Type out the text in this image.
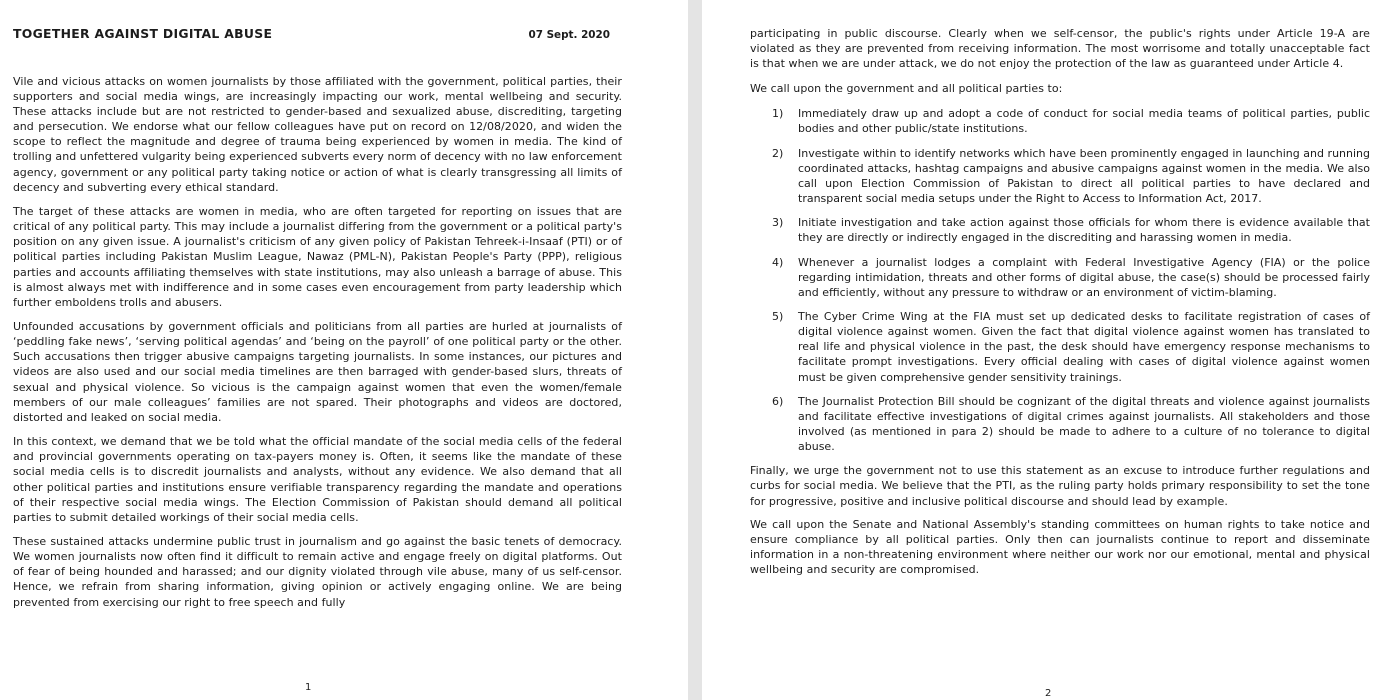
TOGETHER AGAINST DIGITAL ABUSE	07 Sept. 2020

Vile and vicious attacks on women journalists by those affiliated with the government, political parties, their supporters and social media wings, are increasingly impacting our work, mental wellbeing and security. These attacks include but are not restricted to gender-based and sexualized abuse, discrediting, targeting and persecution. We endorse what our fellow colleagues have put on record on 12/08/2020, and widen the scope to reflect the magnitude and degree of trauma being experienced by women in media. The kind of trolling and unfettered vulgarity being experienced subverts every norm of decency with no law enforcement agency, government or any political party taking notice or action of what is clearly transgressing all limits of decency and subverting every ethical standard.

The target of these attacks are women in media, who are often targeted for reporting on issues that are critical of any political party. This may include a journalist differing from the government or a political party's position on any given issue. A journalist's criticism of any given policy of Pakistan Tehreek-i-Insaaf (PTI) or of political parties including Pakistan Muslim League, Nawaz (PML-N), Pakistan People's Party (PPP), religious parties and accounts affiliating themselves with state institutions, may also unleash a barrage of abuse. This is almost always met with indifference and in some cases even encouragement from party leadership which further emboldens trolls and abusers.

Unfounded accusations by government officials and politicians from all parties are hurled at journalists of ‘peddling fake news’, ‘serving political agendas’ and ‘being on the payroll’ of one political party or the other. Such accusations then trigger abusive campaigns targeting journalists. In some instances, our pictures and videos are also used and our social media timelines are then barraged with gender-based slurs, threats of sexual and physical violence. So vicious is the campaign against women that even the women/female members of our male colleagues’ families are not spared. Their photographs and videos are doctored, distorted and leaked on social media.

In this context, we demand that we be told what the official mandate of the social media cells of the federal and provincial governments operating on tax-payers money is. Often, it seems like the mandate of these social media cells is to discredit journalists and analysts, without any evidence. We also demand that all other political parties and institutions ensure verifiable transparency regarding the mandate and operations of their respective social media wings. The Election Commission of Pakistan should demand all political parties to submit detailed workings of their social media cells.

These sustained attacks undermine public trust in journalism and go against the basic tenets of democracy. We women journalists now often find it difficult to remain active and engage freely on digital platforms. Out of fear of being hounded and harassed; and our dignity violated through vile abuse, many of us self-censor. Hence, we refrain from sharing information, giving opinion or actively engaging online. We are being prevented from exercising our right to free speech and fully

1

participating in public discourse. Clearly when we self-censor, the public's rights under Article 19-A are violated as they are prevented from receiving information. The most worrisome and totally unacceptable fact is that when we are under attack, we do not enjoy the protection of the law as guaranteed under Article 4.

We call upon the government and all political parties to:

1)	Immediately draw up and adopt a code of conduct for social media teams of political parties, public bodies and other public/state institutions.
2)	Investigate within to identify networks which have been prominently engaged in launching and running coordinated attacks, hashtag campaigns and abusive campaigns against women in the media. We also call upon Election Commission of Pakistan to direct all political parties to have declared and transparent social media setups under the Right to Access to Information Act, 2017.
3)	Initiate investigation and take action against those officials for whom there is evidence available that they are directly or indirectly engaged in the discrediting and harassing women in media.
4)	Whenever a journalist lodges a complaint with Federal Investigative Agency (FIA) or the police regarding intimidation, threats and other forms of digital abuse, the case(s) should be processed fairly and efficiently, without any pressure to withdraw or an environment of victim-blaming.
5)	The Cyber Crime Wing at the FIA must set up dedicated desks to facilitate registration of cases of digital violence against women. Given the fact that digital violence against women has translated to real life and physical violence in the past, the desk should have emergency response mechanisms to facilitate prompt investigations. Every official dealing with cases of digital violence against women must be given comprehensive gender sensitivity trainings.
6)	The Journalist Protection Bill should be cognizant of the digital threats and violence against journalists and facilitate effective investigations of digital crimes against journalists. All stakeholders and those involved (as mentioned in para 2) should be made to adhere to a culture of no tolerance to digital abuse.

Finally, we urge the government not to use this statement as an excuse to introduce further regulations and curbs for social media. We believe that the PTI, as the ruling party holds primary responsibility to set the tone for progressive, positive and inclusive political discourse and should lead by example.

We call upon the Senate and National Assembly's standing committees on human rights to take notice and ensure compliance by all political parties. Only then can journalists continue to report and disseminate information in a non-threatening environment where neither our work nor our emotional, mental and physical wellbeing and security are compromised.

2
